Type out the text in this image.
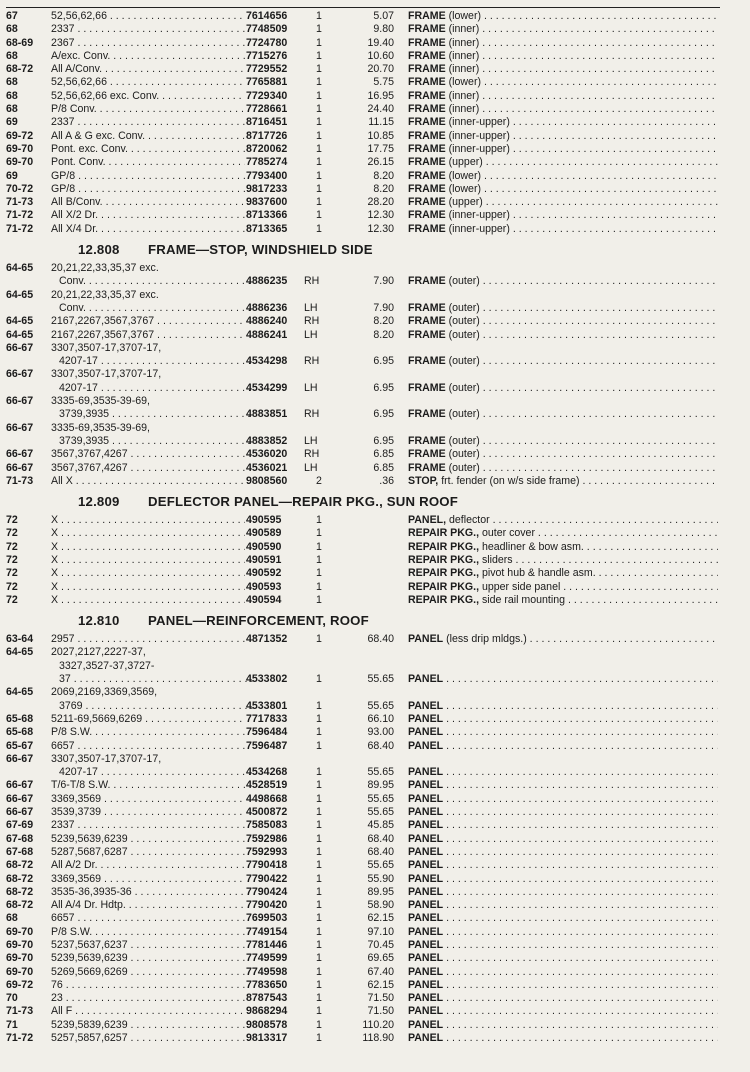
67	52,56,62,66 . . .	7614656	1	5.07 FRAME (lower) . . .
68	2337 . . .	7748509	1	9.80 FRAME (inner) . . .
68-69 2367 . . .	7724780	1	19.40 FRAME (inner) . . .
68	A/exc. Conv. . . .	7715276	1	10.60 FRAME (inner) . . .
68-72 All A/Conv. . . .	7729552	1	20.70 FRAME (inner) . . .
68	52,56,62,66 . . .	7765881	1	5.75 FRAME (lower) . . .
68	52,56,62,66 exc. Conv. . . .	7729340	1	16.95 FRAME (inner) . . .
68	P/8 Conv. . . .	7728661	1	24.40 FRAME (inner) . . .
69	2337 . . .	8716451	1	11.15 FRAME (inner-upper) . . .
69-72 All A & G exc. Conv. . . .	8717726	1	10.85 FRAME (inner-upper) . . .
69-70 Pont. exc. Conv. . . .	8720062	1	17.75 FRAME (inner-upper) . . .
69-70 Pont. Conv. . . .	7785274	1	26.15 FRAME (upper) . . .
69	GP/8 . . .	7793400	1	8.20 FRAME (lower) . . .
70-72 GP/8 . . .	9817233	1	8.20 FRAME (lower) . . .
71-73 All B/Conv. . . .	9837600	1	28.20 FRAME (upper) . . .
71-72 All X/2 Dr. . . .	8713366	1	12.30 FRAME (inner-upper) . . .
71-72 All X/4 Dr. . . .	8713365	1	12.30 FRAME (inner-upper) . . .
12.808 FRAME—STOP, WINDSHIELD SIDE
64-65 20,21,22,33,35,37 exc.
Conv. . . .	4886235 RH	7.90 FRAME (outer) . . .
64-65 20,21,22,33,35,37 exc.
Conv. . . .	4886236 LH	7.90 FRAME (outer) . . .
64-65 2167,2267,3567,3767 . . .	4886240 RH	8.20 FRAME (outer) . . .
64-65 2167,2267,3567,3767 . . .	4886241 LH	8.20 FRAME (outer) . . .
66-67 3307,3507-17,3707-17,
4207-17 . . .	4534298 RH	6.95 FRAME (outer) . . .
66-67 3307,3507-17,3707-17,
4207-17 . . .	4534299 LH	6.95 FRAME (outer) . . .
66-67 3335-69,3535-39-69,
3739,3935 . . .	4883851 RH	6.95 FRAME (outer) . . .
66-67 3335-69,3535-39-69,
3739,3935 . . .	4883852 LH	6.95 FRAME (outer) . . .
66-67 3567,3767,4267 . . .	4536020 RH	6.85 FRAME (outer) . . .
66-67 3567,3767,4267 . . .	4536021 LH	6.85 FRAME (outer) . . .
71-73 All X . . .	9808560	2	.36 STOP, frt. fender (on w/s side frame) . . .
12.809 DEFLECTOR PANEL—REPAIR PKG., SUN ROOF
72	X . . .	490595	1	PANEL, deflector . . .
72	X . . .	490589	1	REPAIR PKG., outer cover . . .
72	X . . .	490590	1	REPAIR PKG., headliner & bow asm. . . .
72	X . . .	490591	1	REPAIR PKG., sliders . . .
72	X . . .	490592	1	REPAIR PKG., pivot hub & handle asm. . . .
72	X . . .	490593	1	REPAIR PKG., upper side panel . . .
72	X . . .	490594	1	REPAIR PKG., side rail mounting . . .
12.810 PANEL—REINFORCEMENT, ROOF
63-64 2957 . . .	4871352	1	68.40 PANEL (less drip mldgs.) . . .
64-65 2027,2127,2227-37,
3327,3527-37,3727-
37 . . .	4533802	1	55.65 PANEL . . .
64-65 2069,2169,3369,3569,
3769 . . .	4533801	1	55.65 PANEL . . .
65-68 5211-69,5669,6269 . . .	7717833	1	66.10 PANEL . . .
65-68 P/8 S.W. . . .	7596484	1	93.00 PANEL . . .
65-67 6657 . . .	7596487	1	68.40 PANEL . . .
66-67 3307,3507-17,3707-17,
4207-17 . . .	4534268	1	55.65 PANEL . . .
66-67 T/6-T/8 S.W. . . .	4528519	1	89.95 PANEL . . .
66-67 3369,3569 . . .	4498668	1	55.65 PANEL . . .
66-67 3539,3739 . . .	4500872	1	55.65 PANEL . . .
67-69 2337 . . .	7585083	1	45.85 PANEL . . .
67-68 5239,5639,6239 . . .	7592986	1	68.40 PANEL . . .
67-68 5287,5687,6287 . . .	7592993	1	68.40 PANEL . . .
68-72 All A/2 Dr. . . .	7790418	1	55.65 PANEL . . .
68-72 3369,3569 . . .	7790422	1	55.90 PANEL . . .
68-72 3535-36,3935-36 . . .	7790424	1	89.95 PANEL . . .
68-72 All A/4 Dr. Hdtp. . . .	7790420	1	58.90 PANEL . . .
68	6657 . . .	7699503	1	62.15 PANEL . . .
69-70 P/8 S.W. . . .	7749154	1	97.10 PANEL . . .
69-70 5237,5637,6237 . . .	7781446	1	70.45 PANEL . . .
69-70 5239,5639,6239 . . .	7749599	1	69.65 PANEL . . .
69-70 5269,5669,6269 . . .	7749598	1	67.40 PANEL . . .
69-72 76 . . .	7783650	1	62.15 PANEL . . .
70	23 . . .	8787543	1	71.50 PANEL . . .
71-73 All F . . .	9868294	1	71.50 PANEL . . .
71	5239,5839,6239 . . .	9808578	1	110.20 PANEL . . .
71-72 5257,5857,6257 . . .	9813317	1	118.90 PANEL . . .
